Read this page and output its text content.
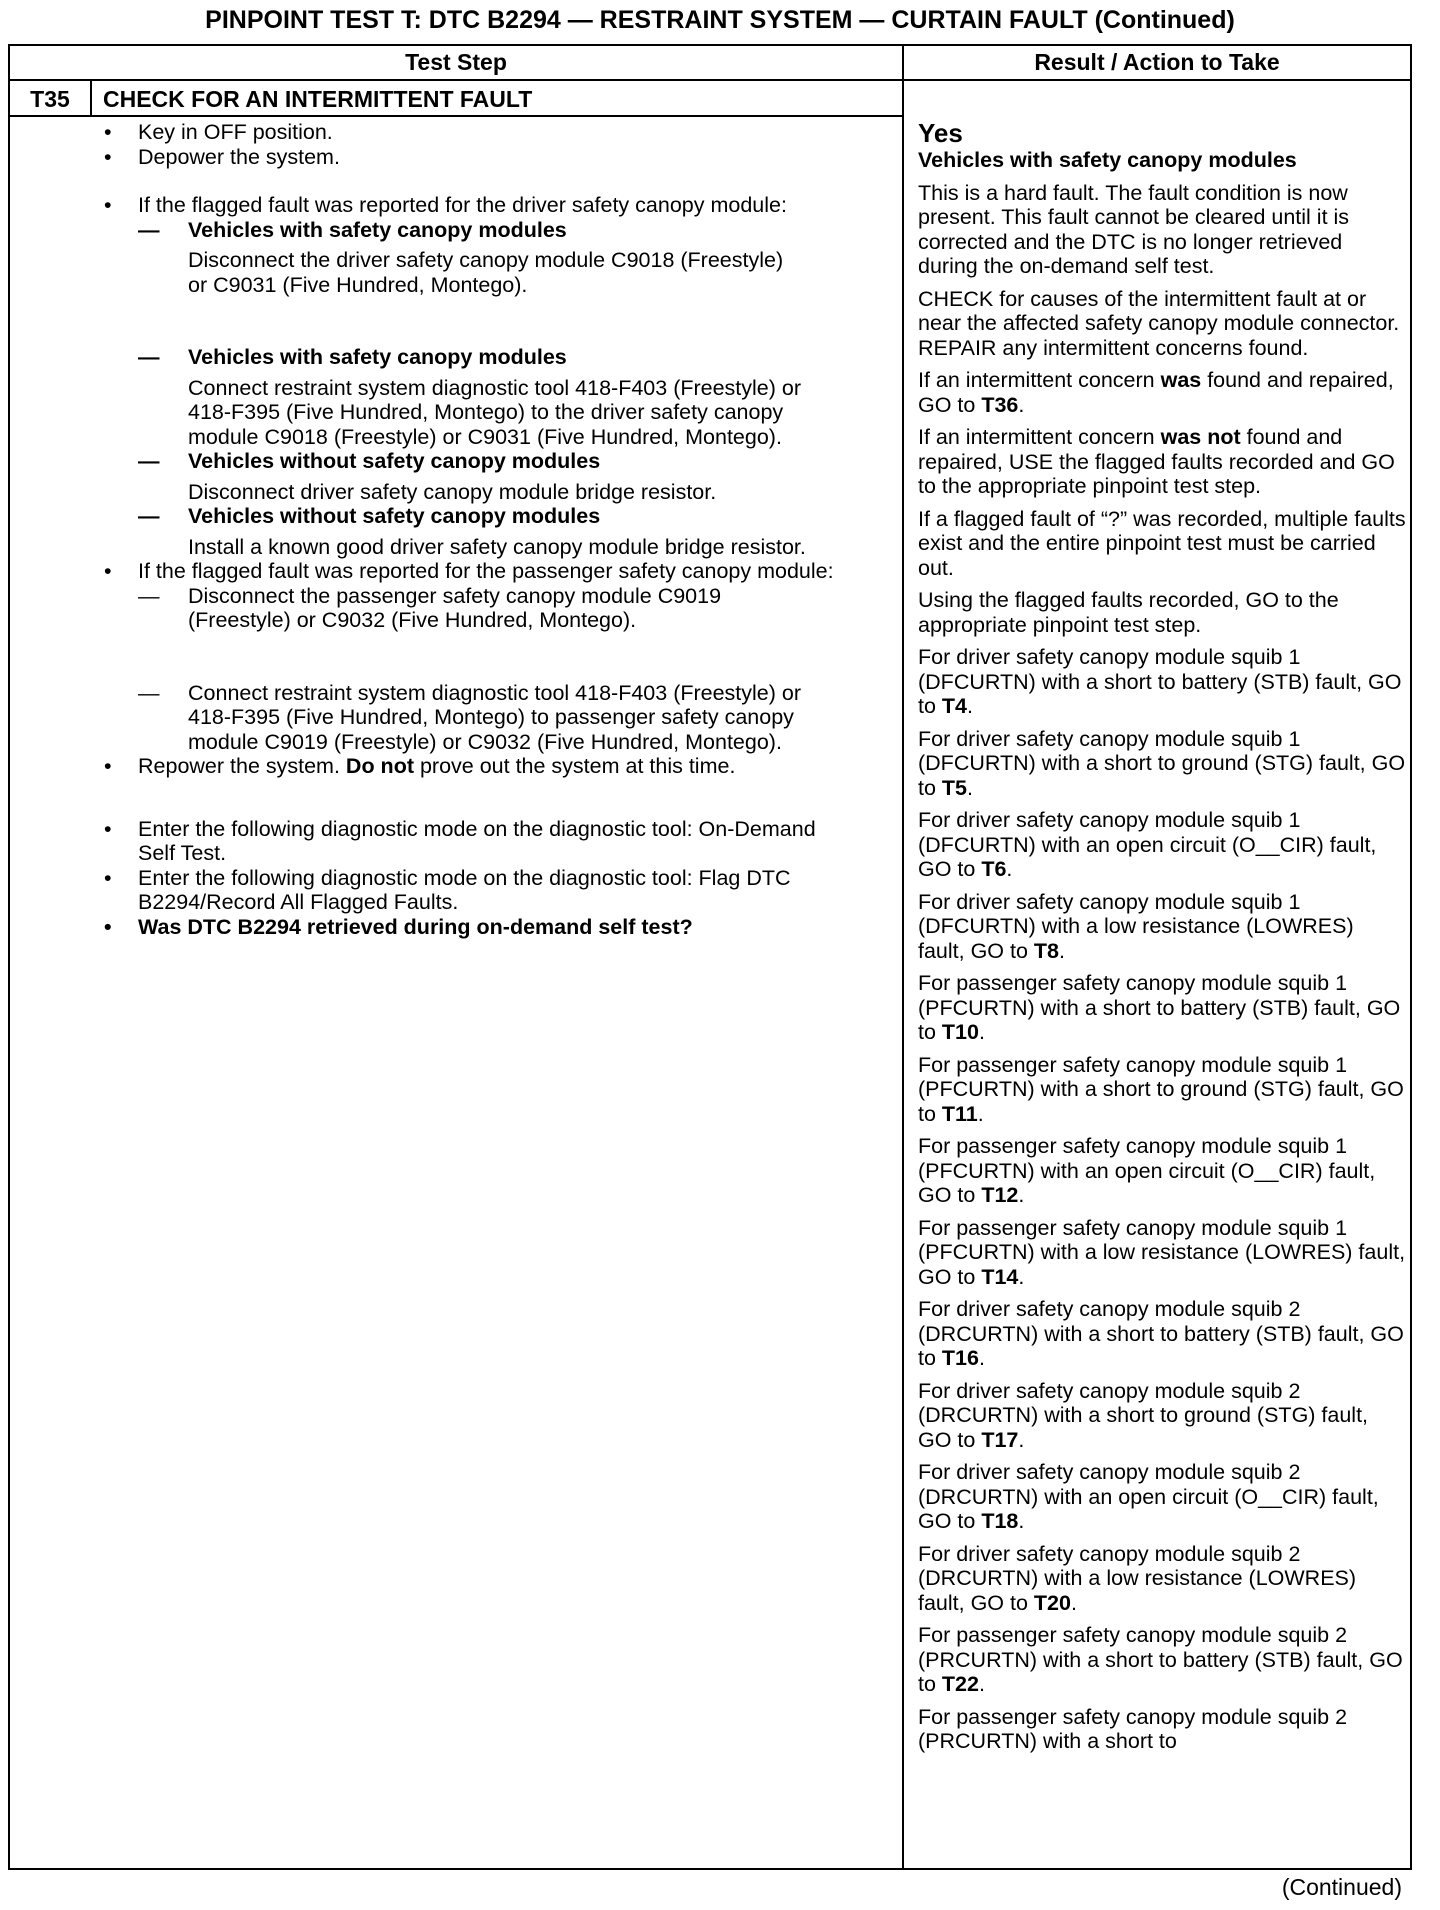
PINPOINT TEST T: DTC B2294 — RESTRAINT SYSTEM — CURTAIN FAULT (Continued)
Test Step	Result / Action to Take
T35	CHECK FOR AN INTERMITTENT FAULT
• Key in OFF position.
• Depower the system.
• If the flagged fault was reported for the driver safety canopy module:
— Vehicles with safety canopy modules
Disconnect the driver safety canopy module C9018 (Freestyle) or C9031 (Five Hundred, Montego).
— Vehicles with safety canopy modules
Connect restraint system diagnostic tool 418-F403 (Freestyle) or 418-F395 (Five Hundred, Montego) to the driver safety canopy module C9018 (Freestyle) or C9031 (Five Hundred, Montego).
— Vehicles without safety canopy modules
Disconnect driver safety canopy module bridge resistor.
— Vehicles without safety canopy modules
Install a known good driver safety canopy module bridge resistor.
• If the flagged fault was reported for the passenger safety canopy module:
— Disconnect the passenger safety canopy module C9019 (Freestyle) or C9032 (Five Hundred, Montego).
— Connect restraint system diagnostic tool 418-F403 (Freestyle) or 418-F395 (Five Hundred, Montego) to passenger safety canopy module C9019 (Freestyle) or C9032 (Five Hundred, Montego).
• Repower the system. Do not prove out the system at this time.
• Enter the following diagnostic mode on the diagnostic tool: On-Demand Self Test.
• Enter the following diagnostic mode on the diagnostic tool: Flag DTC B2294/Record All Flagged Faults.
• Was DTC B2294 retrieved during on-demand self test?
Yes
Vehicles with safety canopy modules
This is a hard fault. The fault condition is now present. This fault cannot be cleared until it is corrected and the DTC is no longer retrieved during the on-demand self test.
CHECK for causes of the intermittent fault at or near the affected safety canopy module connector. REPAIR any intermittent concerns found.
If an intermittent concern was found and repaired, GO to T36.
If an intermittent concern was not found and repaired, USE the flagged faults recorded and GO to the appropriate pinpoint test step.
If a flagged fault of “?” was recorded, multiple faults exist and the entire pinpoint test must be carried out.
Using the flagged faults recorded, GO to the appropriate pinpoint test step.
For driver safety canopy module squib 1 (DFCURTN) with a short to battery (STB) fault, GO to T4.
For driver safety canopy module squib 1 (DFCURTN) with a short to ground (STG) fault, GO to T5.
For driver safety canopy module squib 1 (DFCURTN) with an open circuit (O__CIR) fault, GO to T6.
For driver safety canopy module squib 1 (DFCURTN) with a low resistance (LOWRES) fault, GO to T8.
For passenger safety canopy module squib 1 (PFCURTN) with a short to battery (STB) fault, GO to T10.
For passenger safety canopy module squib 1 (PFCURTN) with a short to ground (STG) fault, GO to T11.
For passenger safety canopy module squib 1 (PFCURTN) with an open circuit (O__CIR) fault, GO to T12.
For passenger safety canopy module squib 1 (PFCURTN) with a low resistance (LOWRES) fault, GO to T14.
For driver safety canopy module squib 2 (DRCURTN) with a short to battery (STB) fault, GO to T16.
For driver safety canopy module squib 2 (DRCURTN) with a short to ground (STG) fault, GO to T17.
For driver safety canopy module squib 2 (DRCURTN) with an open circuit (O__CIR) fault, GO to T18.
For driver safety canopy module squib 2 (DRCURTN) with a low resistance (LOWRES) fault, GO to T20.
For passenger safety canopy module squib 2 (PRCURTN) with a short to battery (STB) fault, GO to T22.
For passenger safety canopy module squib 2 (PRCURTN) with a short to
(Continued)
